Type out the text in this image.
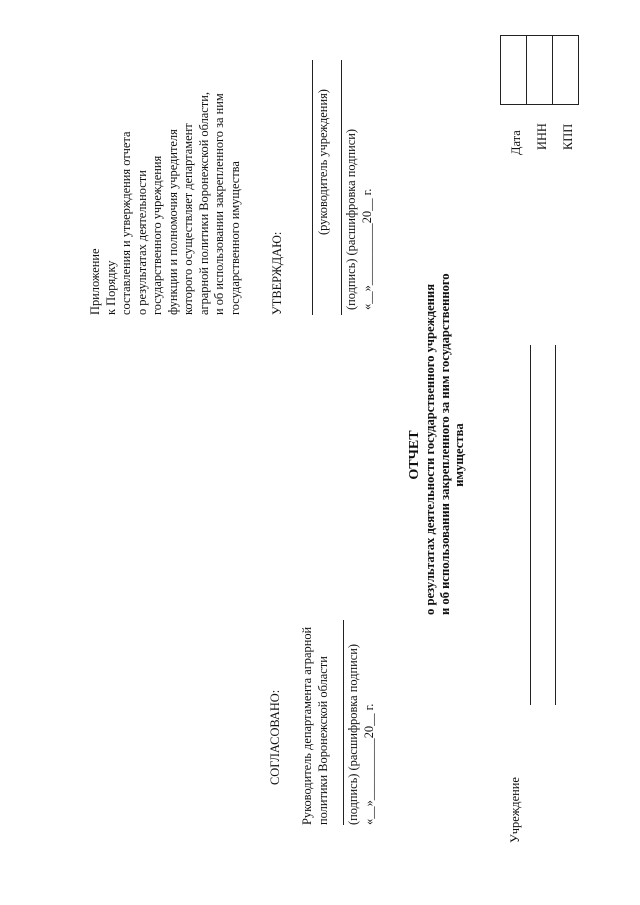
Приложение к Порядку составления и утверждения отчета о результатах деятельности государственного учреждения функции и полномочия учредителя которого осуществляет департамент аграрной политики Воронежской области, и об использовании закрепленного за ним государственного имущества УТВЕРЖДАЮ:
(руководитель учреждения) (подпись) (расшифровка подписи) «__»__________20__ г.
СОГЛАСОВАНО: Руководитель департамента аграрной политики Воронежской области (подпись) (расшифровка подписи) «__»__________20__ г.
ОТЧЕТ о результатах деятельности государственного учреждения и об использовании закрепленного за ним государственного имущества
Учреждение
Дата ИНН КПП
